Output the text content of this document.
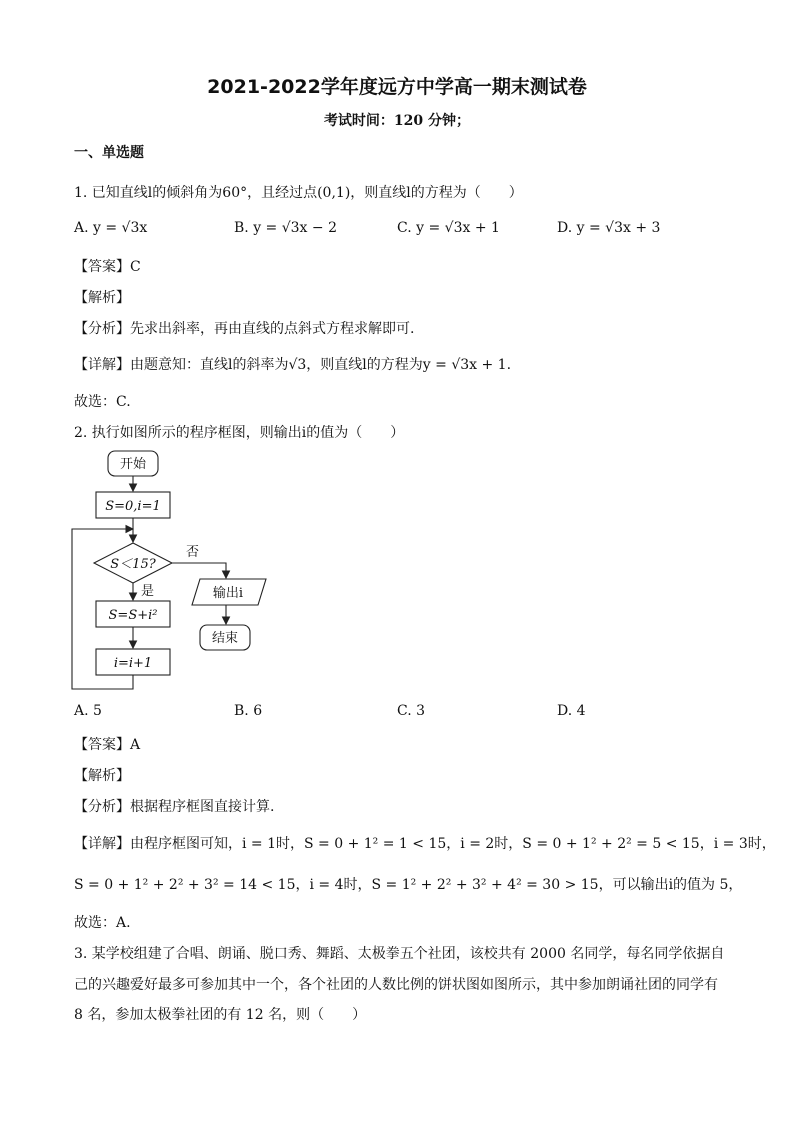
2021-2022学年度远方中学高一期末测试卷
考试时间：120 分钟；
一、单选题
1. 已知直线l的倾斜角为60°，且经过点(0,1)，则直线l的方程为（　　）
A. y = √3x	B. y = √3x − 2	C. y = √3x + 1	D. y = √3x + 3
【答案】C
【解析】
【分析】先求出斜率，再由直线的点斜式方程求解即可.
【详解】由题意知：直线l的斜率为√3，则直线l的方程为y = √3x + 1.
故选：C.
2. 执行如图所示的程序框图，则输出i的值为（　　）
开始
S=0,i=1
S＜15?
否
是
S=S+i²
i=i+1
输出i
结束
A. 5	B. 6	C. 3	D. 4
【答案】A
【解析】
【分析】根据程序框图直接计算.
【详解】由程序框图可知，i = 1时，S = 0 + 1² = 1 < 15，i = 2时，S = 0 + 1² + 2² = 5 < 15，i = 3时，
S = 0 + 1² + 2² + 3² = 14 < 15，i = 4时，S = 1² + 2² + 3² + 4² = 30 > 15，可以输出i的值为 5，
故选：A.
3. 某学校组建了合唱、朗诵、脱口秀、舞蹈、太极拳五个社团，该校共有 2000 名同学，每名同学依据自
己的兴趣爱好最多可参加其中一个，各个社团的人数比例的饼状图如图所示，其中参加朗诵社团的同学有
8 名，参加太极拳社团的有 12 名，则（　　）
